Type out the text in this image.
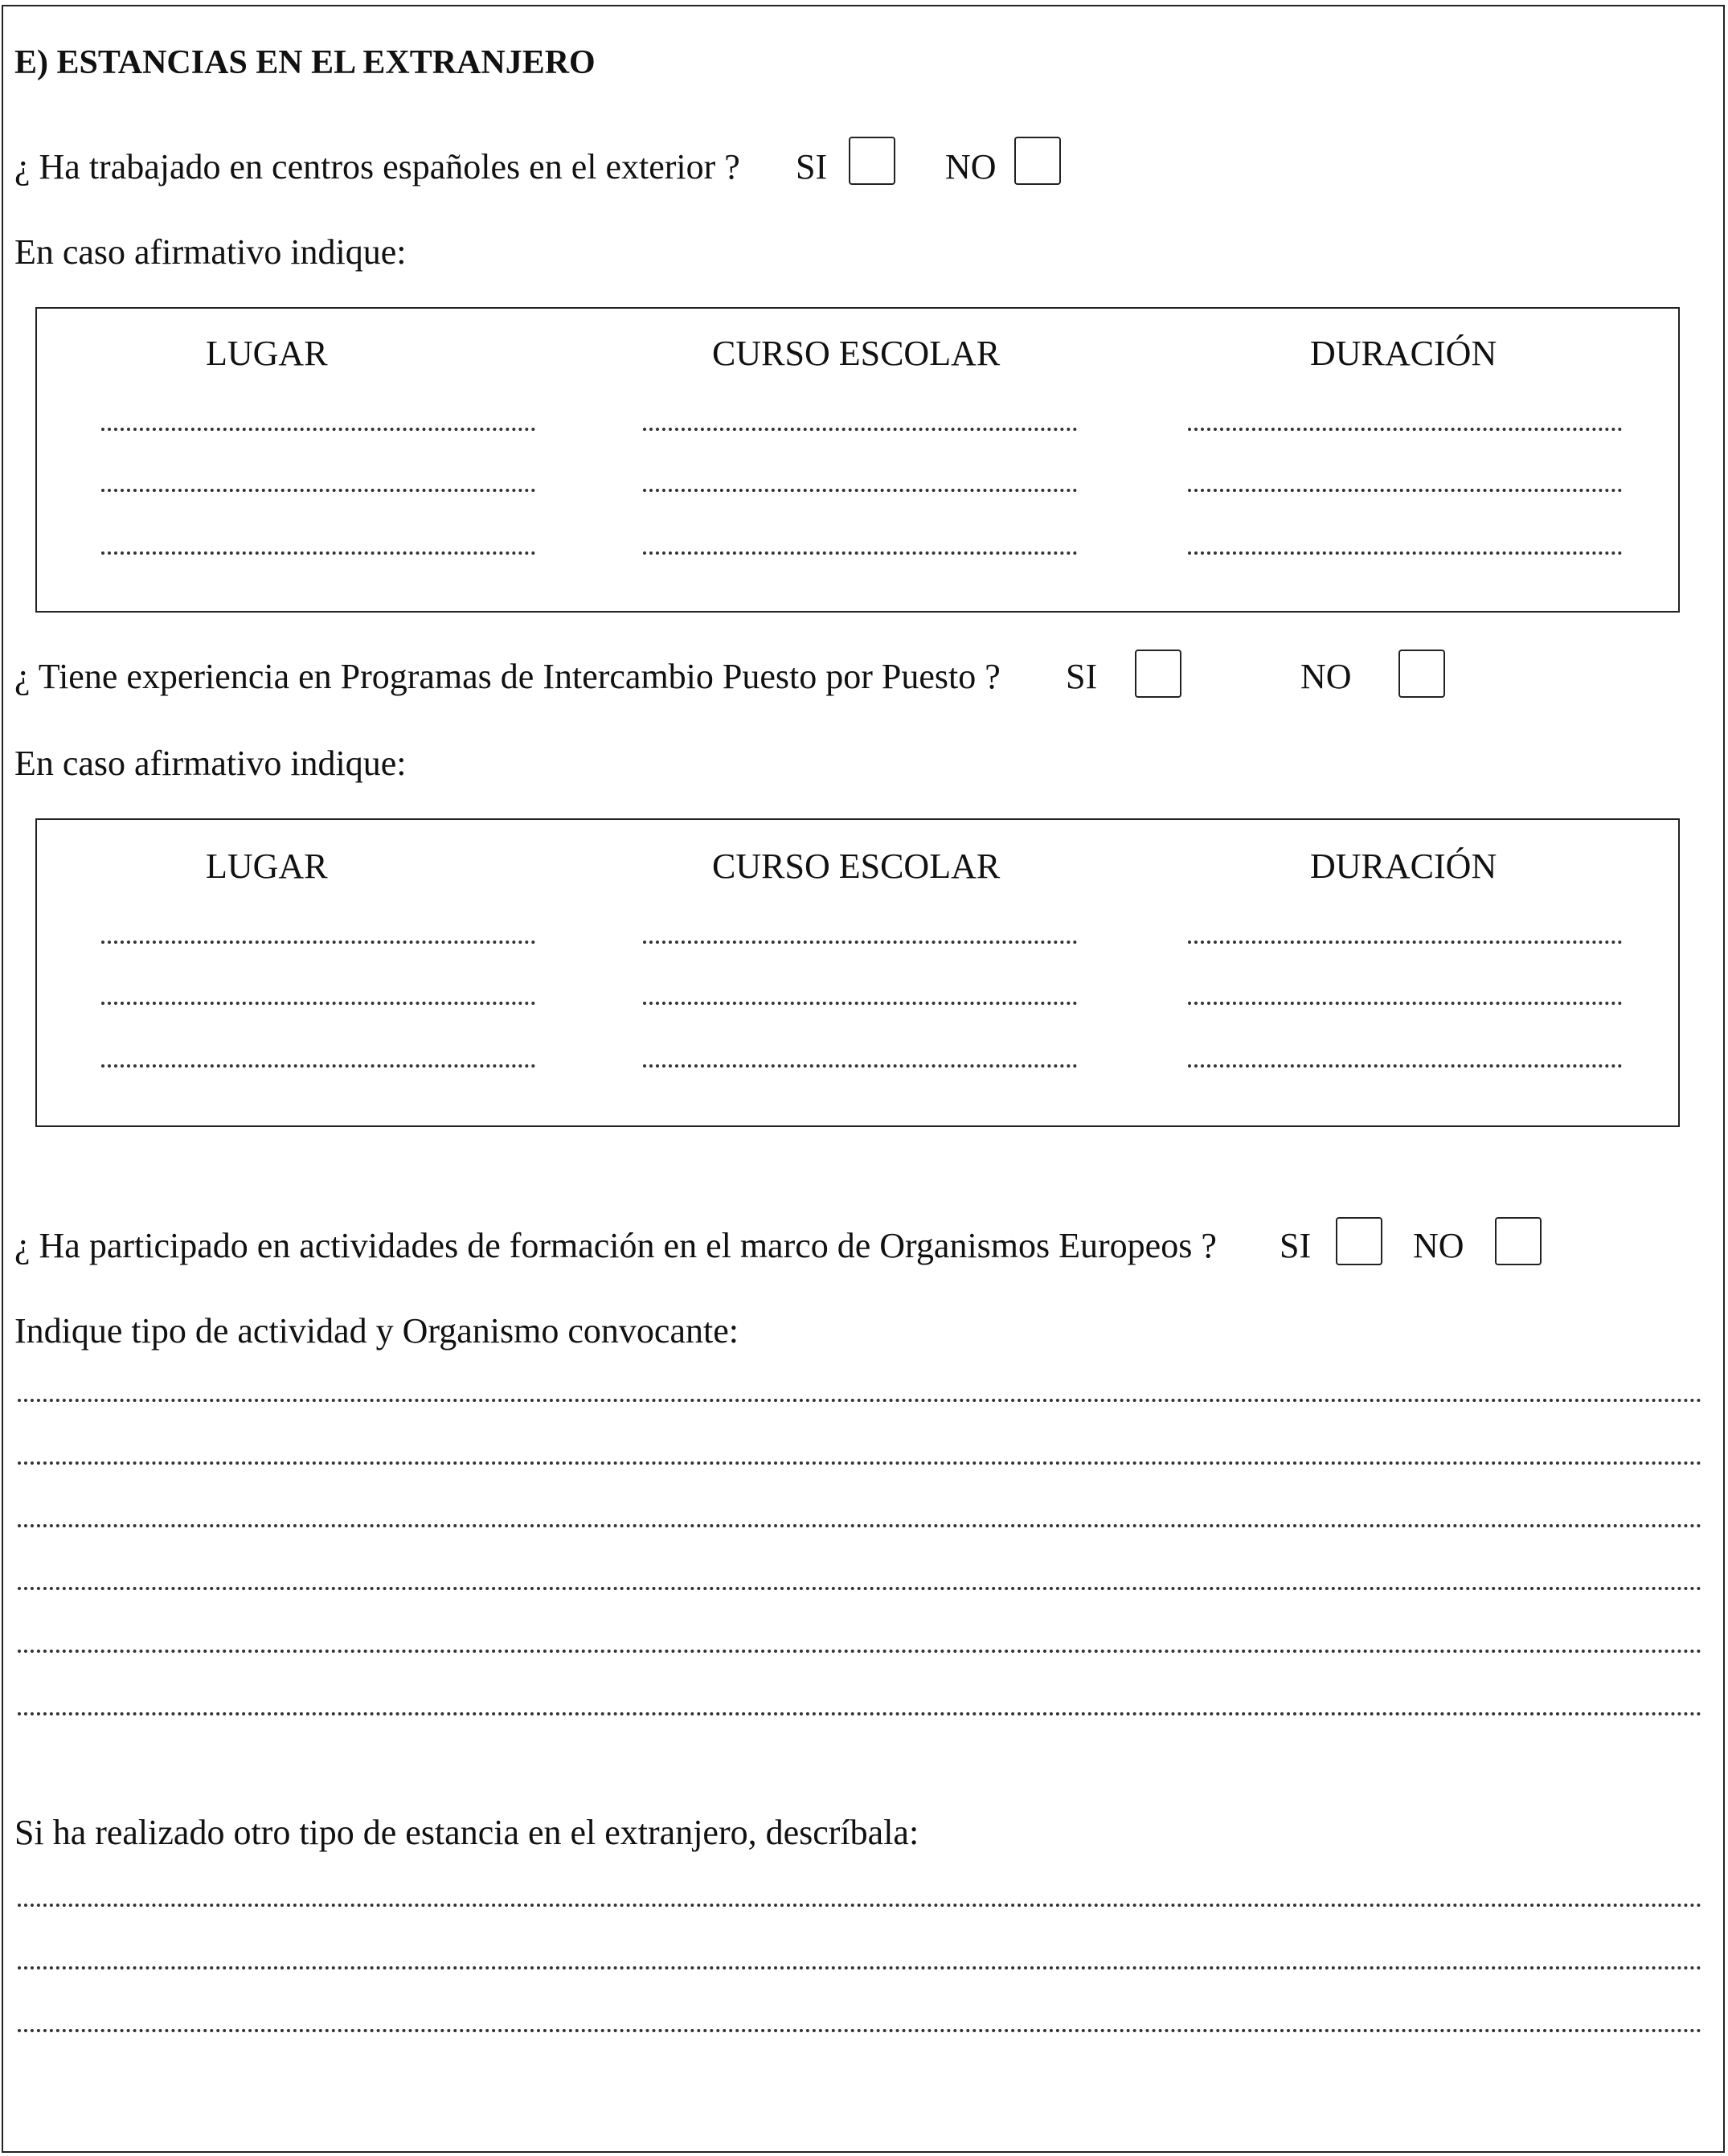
E) ESTANCIAS EN EL EXTRANJERO
¿ Ha trabajado en centros españoles en el exterior ? SI	NO
En caso afirmativo indique:
LUGAR	CURSO ESCOLAR	DURACIÓN
¿ Tiene experiencia en Programas de Intercambio Puesto por Puesto ? SI	NO
En caso afirmativo indique:
LUGAR	CURSO ESCOLAR	DURACIÓN
¿ Ha participado en actividades de formación en el marco de Organismos Europeos ? SI	NO
Indique tipo de actividad y Organismo convocante:
Si ha realizado otro tipo de estancia en el extranjero, descríbala:
